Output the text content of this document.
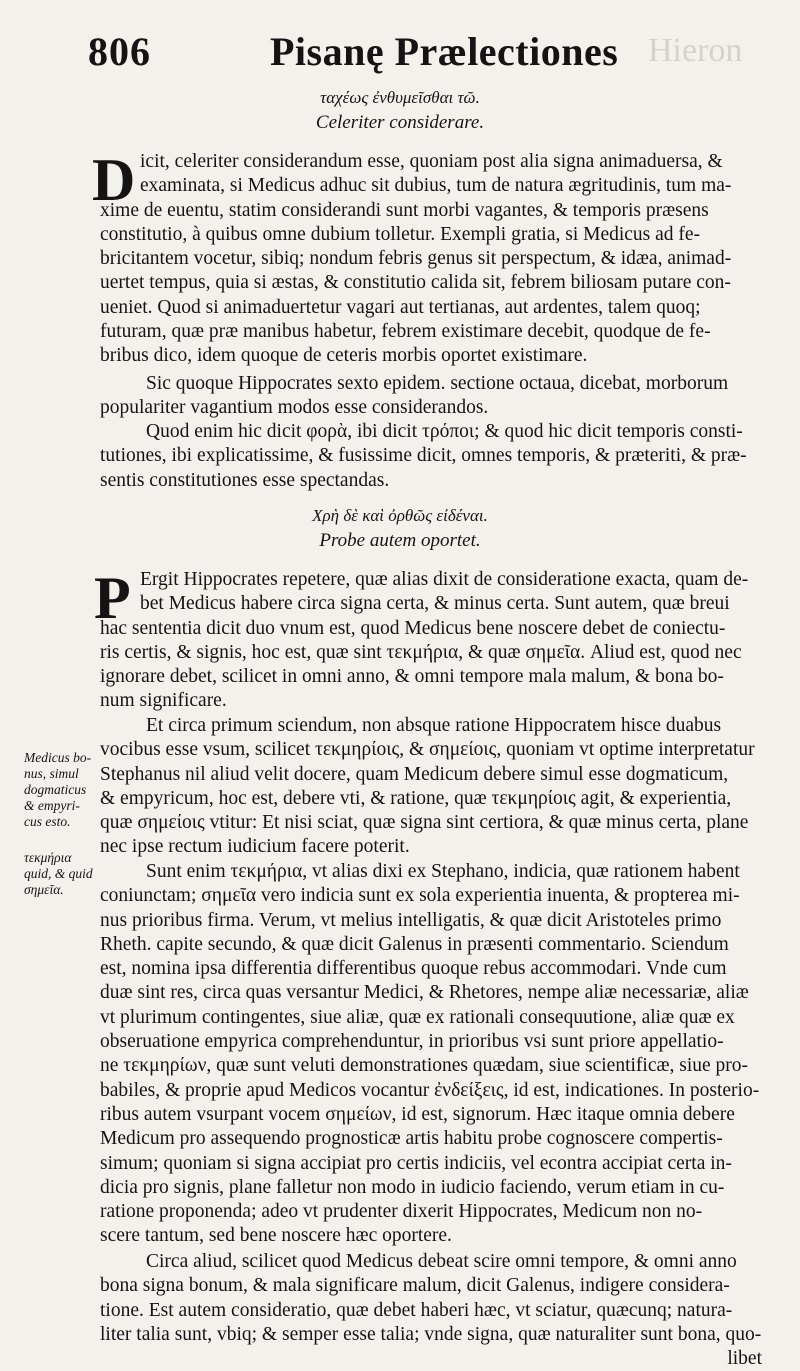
806	Pisanę Prælectiones Hieron
ταχέως ἐνθυμεῖσθαι τῶ.
Celeriter considerare.
D icit, celeriter considerandum esse, quoniam post alia signa animaduersa, &
examinata, si Medicus adhuc sit dubius, tum de natura ægritudinis, tum ma-
xime de euentu, statim considerandi sunt morbi vagantes, & temporis præsens
constitutio, à quibus omne dubium tolletur. Exempli gratia, si Medicus ad fe-
bricitantem vocetur, sibiq; nondum febris genus sit perspectum, & idæa, animad-
uertet tempus, quia si æstas, & constitutio calida sit, febrem biliosam putare con-
ueniet. Quod si animaduertetur vagari aut tertianas, aut ardentes, talem quoq;
futuram, quæ præ manibus habetur, febrem existimare decebit, quodque de fe-
bribus dico, idem quoque de ceteris morbis oportet existimare.
Sic quoque Hippocrates sexto epidem. sectione octaua, dicebat, morborum
populariter vagantium modos esse considerandos.
Quod enim hic dicit φορὰ, ibi dicit τρόποι; & quod hic dicit temporis consti-
tutiones, ibi explicatissime, & fusissime dicit, omnes temporis, & præteriti, & præ-
sentis constitutiones esse spectandas.
Χρὴ δὲ καὶ ὀρθῶς εἰδέναι.
Probe autem oportet.
P Ergit Hippocrates repetere, quæ alias dixit de consideratione exacta, quam de-
bet Medicus habere circa signa certa, & minus certa. Sunt autem, quæ breui
hac sententia dicit duo vnum est, quod Medicus bene noscere debet de coniectu-
ris certis, & signis, hoc est, quæ sint τεκμήρια, & quæ σημεῖα. Aliud est, quod nec
ignorare debet, scilicet in omni anno, & omni tempore mala malum, & bona bo-
num significare.
Et circa primum sciendum, non absque ratione Hippocratem hisce duabus
vocibus esse vsum, scilicet τεκμηρίοις, & σημείοις, quoniam vt optime interpretatur
Stephanus nil aliud velit docere, quam Medicum debere simul esse dogmaticum,
& empyricum, hoc est, debere vti, & ratione, quæ τεκμηρίοις agit, & experientia,
quæ σημείοις vtitur: Et nisi sciat, quæ signa sint certiora, & quæ minus certa, plane
nec ipse rectum iudicium facere poterit.
Sunt enim τεκμήρια, vt alias dixi ex Stephano, indicia, quæ rationem habent
coniunctam; σημεῖα vero indicia sunt ex sola experientia inuenta, & propterea mi-
nus prioribus firma. Verum, vt melius intelligatis, & quæ dicit Aristoteles primo
Rheth. capite secundo, & quæ dicit Galenus in præsenti commentario. Sciendum
est, nomina ipsa differentia differentibus quoque rebus accommodari. Vnde cum
duæ sint res, circa quas versantur Medici, & Rhetores, nempe aliæ necessariæ, aliæ
vt plurimum contingentes, siue aliæ, quæ ex rationali consequutione, aliæ quæ ex
obseruatione empyrica comprehenduntur, in prioribus vsi sunt priore appellatio-
ne τεκμηρίων, quæ sunt veluti demonstrationes quædam, siue scientificæ, siue pro-
babiles, & proprie apud Medicos vocantur ἐνδείξεις, id est, indicationes. In posterio-
ribus autem vsurpant vocem σημείων, id est, signorum. Hæc itaque omnia debere
Medicum pro assequendo prognosticæ artis habitu probe cognoscere compertis-
simum; quoniam si signa accipiat pro certis indiciis, vel econtra accipiat certa in-
dicia pro signis, plane falletur non modo in iudicio faciendo, verum etiam in cu-
ratione proponenda; adeo vt prudenter dixerit Hippocrates, Medicum non no-
scere tantum, sed bene noscere hæc oportere.
Circa aliud, scilicet quod Medicus debeat scire omni tempore, & omni anno
bona signa bonum, & mala significare malum, dicit Galenus, indigere considera-
tione. Est autem consideratio, quæ debet haberi hæc, vt sciatur, quæcunq; natura-
liter talia sunt, vbiq; & semper esse talia; vnde signa, quæ naturaliter sunt bona, quo-
libet
Medicus bo-
nus, simul
dogmaticus
& empyri-
cus esto.
τεκμήρια
quid, & quid
σημεῖα.
